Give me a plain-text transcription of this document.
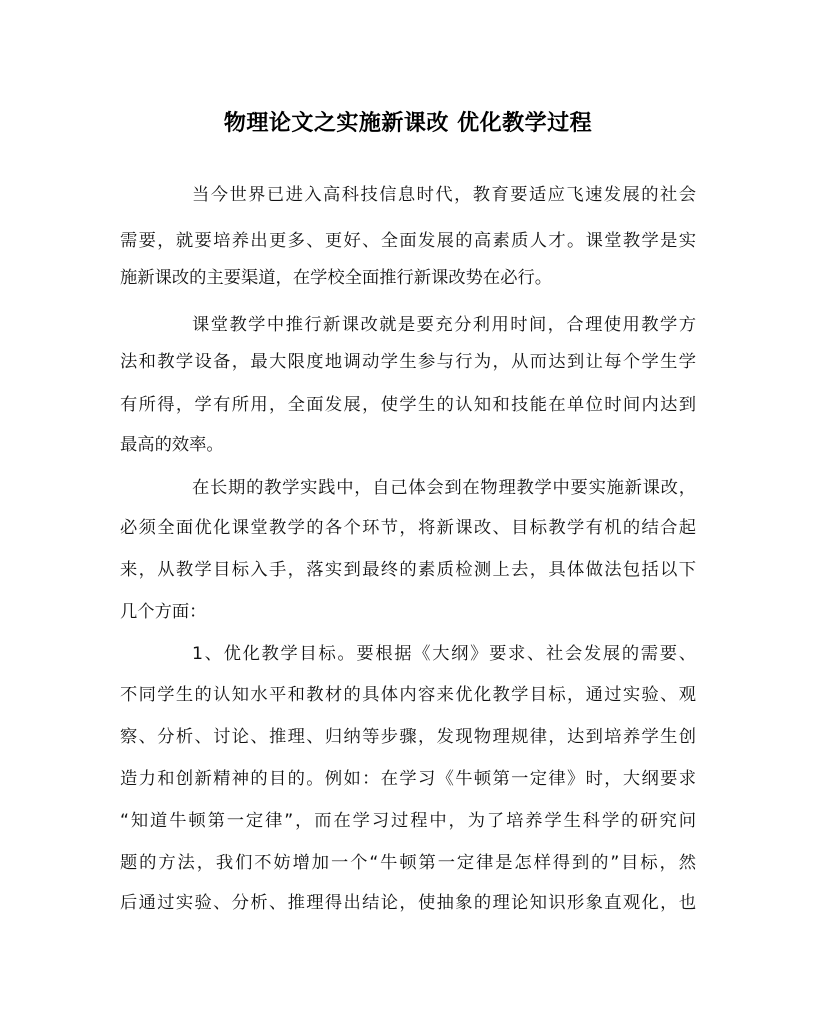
物理论文之实施新课改 优化教学过程
当今世界已进入高科技信息时代，教育要适应飞速发展的社会
需要，就要培养出更多、更好、全面发展的高素质人才。课堂教学是实
施新课改的主要渠道，在学校全面推行新课改势在必行。
课堂教学中推行新课改就是要充分利用时间，合理使用教学方
法和教学设备，最大限度地调动学生参与行为，从而达到让每个学生学
有所得，学有所用，全面发展，使学生的认知和技能在单位时间内达到
最高的效率。
在长期的教学实践中，自己体会到在物理教学中要实施新课改，
必须全面优化课堂教学的各个环节，将新课改、目标教学有机的结合起
来，从教学目标入手，落实到最终的素质检测上去，具体做法包括以下
几个方面：
1、优化教学目标。要根据《大纲》要求、社会发展的需要、
不同学生的认知水平和教材的具体内容来优化教学目标，通过实验、观
察、分析、讨论、推理、归纳等步骤，发现物理规律，达到培养学生创
造力和创新精神的目的。例如：在学习《牛顿第一定律》时，大纲要求
“知道牛顿第一定律”，而在学习过程中，为了培养学生科学的研究问
题的方法，我们不妨增加一个“牛顿第一定律是怎样得到的”目标，然
后通过实验、分析、推理得出结论，使抽象的理论知识形象直观化，也
